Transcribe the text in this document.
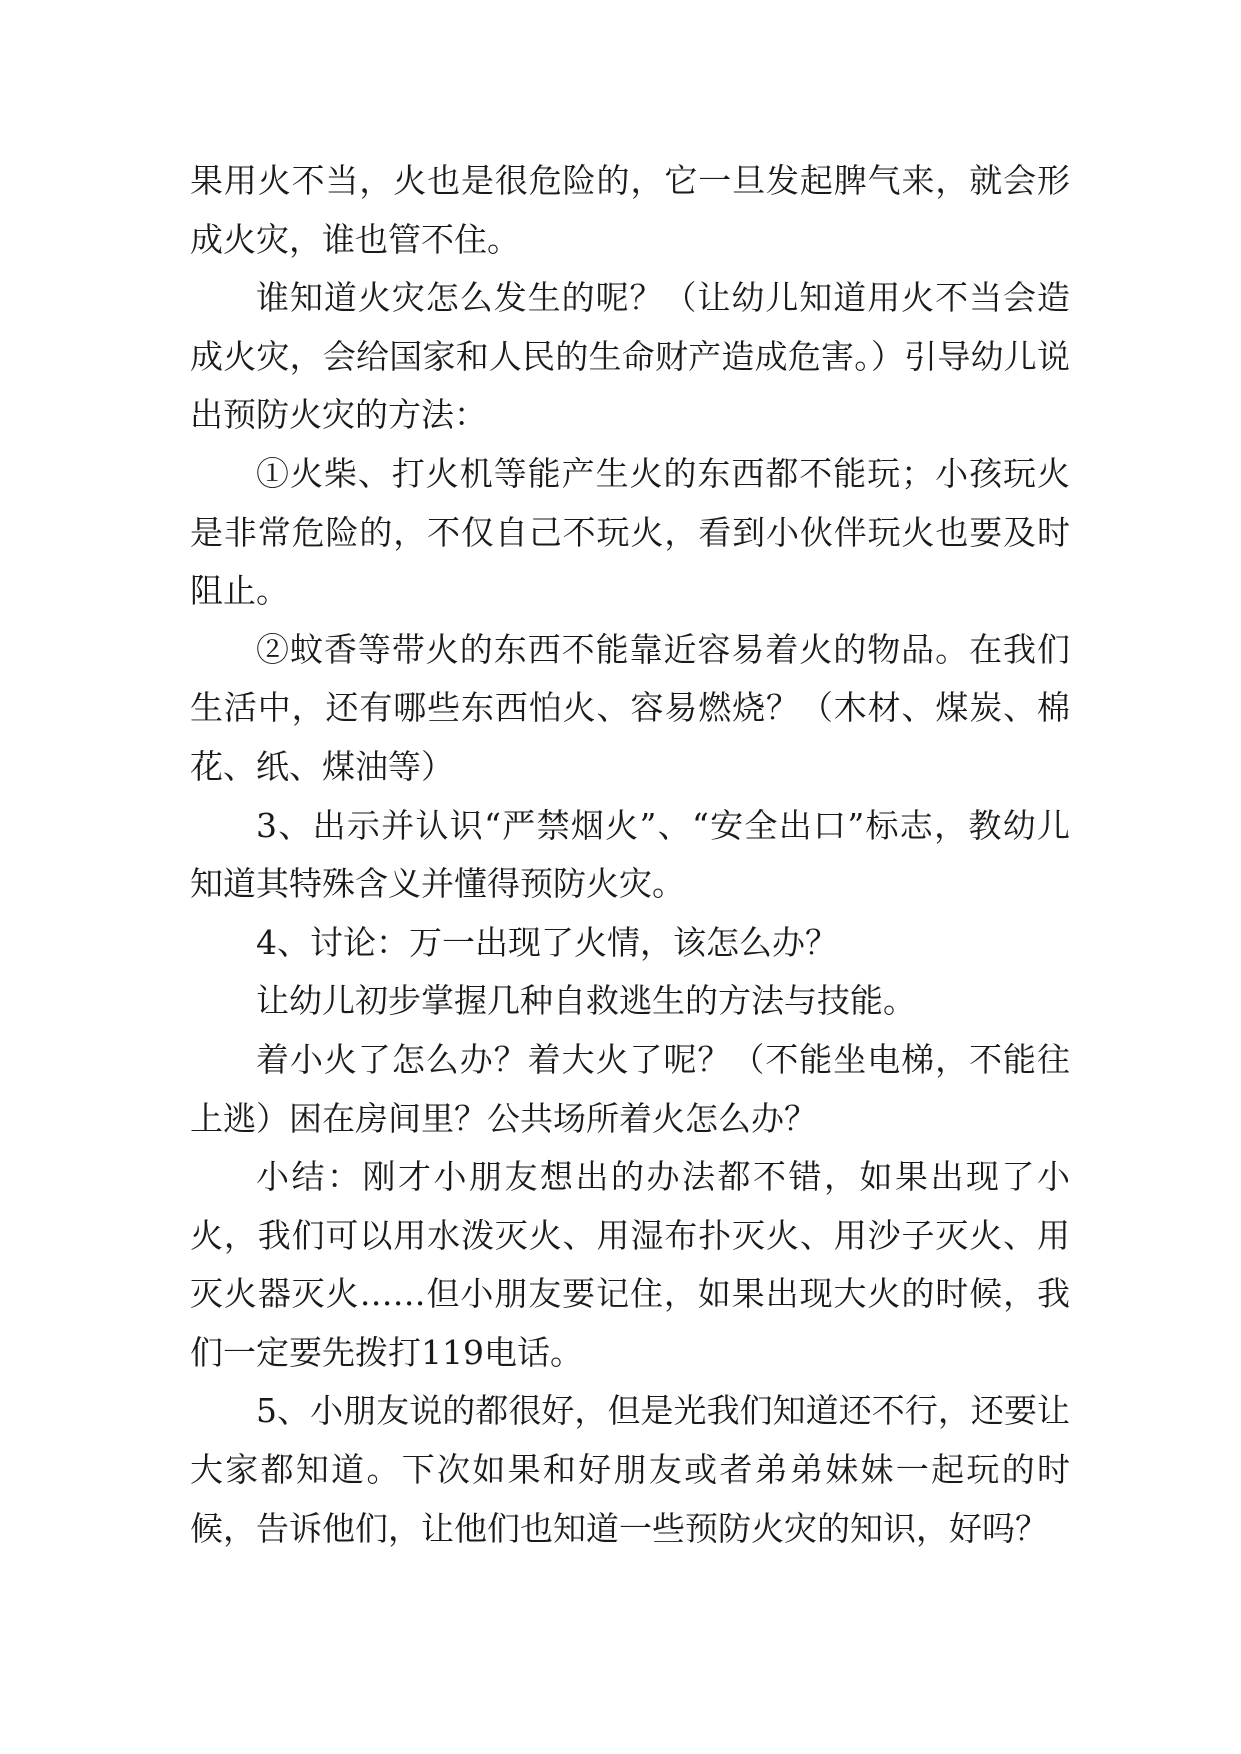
果用火不当，火也是很危险的，它一旦发起脾气来，就会形成火灾，谁也管不住。

谁知道火灾怎么发生的呢？（让幼儿知道用火不当会造成火灾，会给国家和人民的生命财产造成危害。）引导幼儿说出预防火灾的方法：

①火柴、打火机等能产生火的东西都不能玩；小孩玩火是非常危险的，不仅自己不玩火，看到小伙伴玩火也要及时阻止。

②蚊香等带火的东西不能靠近容易着火的物品。在我们生活中，还有哪些东西怕火、容易燃烧？（木材、煤炭、棉花、纸、煤油等）

3、出示并认识“严禁烟火”、“安全出口”标志，教幼儿知道其特殊含义并懂得预防火灾。

4、讨论：万一出现了火情，该怎么办？

让幼儿初步掌握几种自救逃生的方法与技能。

着小火了怎么办？着大火了呢？（不能坐电梯，不能往上逃）困在房间里？公共场所着火怎么办？

小结：刚才小朋友想出的办法都不错，如果出现了小火，我们可以用水泼灭火、用湿布扑灭火、用沙子灭火、用灭火器灭火……但小朋友要记住，如果出现大火的时候，我们一定要先拨打119电话。

5、小朋友说的都很好，但是光我们知道还不行，还要让大家都知道。下次如果和好朋友或者弟弟妹妹一起玩的时候，告诉他们，让他们也知道一些预防火灾的知识，好吗？
